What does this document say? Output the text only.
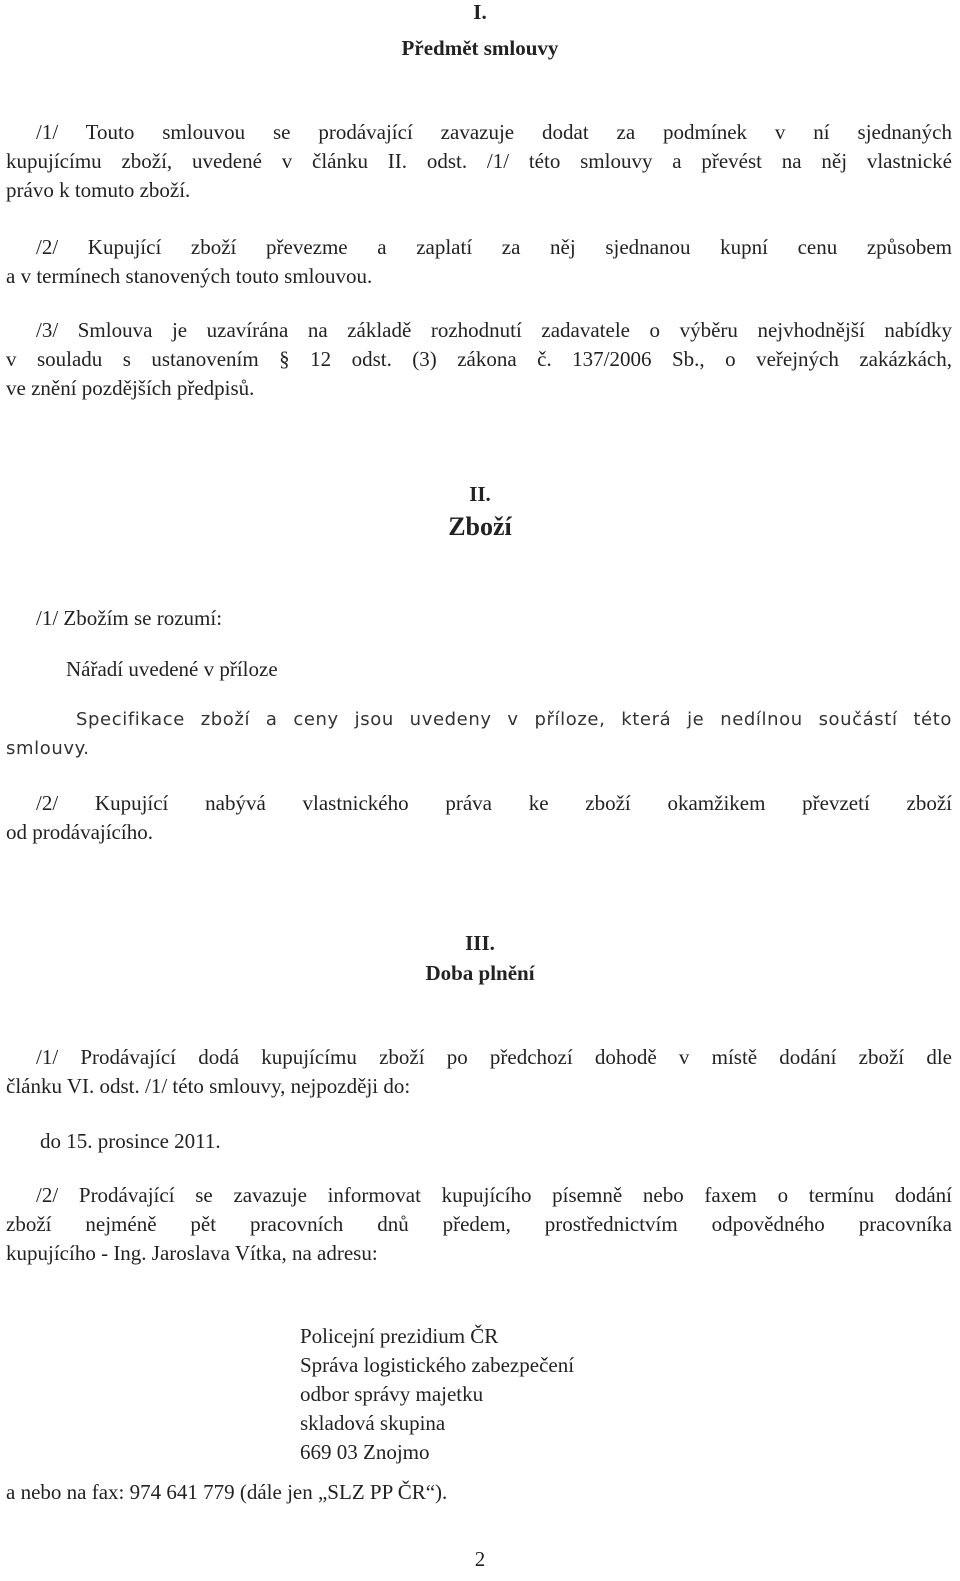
I.
Předmět smlouvy
/1/ Touto smlouvou se prodávající zavazuje dodat za podmínek v ní sjednaných
kupujícímu zboží, uvedené v článku II. odst. /1/ této smlouvy a převést na něj vlastnické
právo k tomuto zboží.
/2/ Kupující zboží převezme a zaplatí za něj sjednanou kupní cenu způsobem
a v termínech stanovených touto smlouvou.
/3/ Smlouva je uzavírána na základě rozhodnutí zadavatele o výběru nejvhodnější nabídky
v souladu s ustanovením § 12 odst. (3) zákona č. 137/2006 Sb., o veřejných zakázkách,
ve znění pozdějších předpisů.
II.
Zboží
/1/ Zbožím se rozumí:
Nářadí uvedené v příloze
Specifikace zboží a ceny jsou uvedeny v příloze, která je nedílnou součástí této
smlouvy.
/2/ Kupující nabývá vlastnického práva ke zboží okamžikem převzetí zboží
od prodávajícího.
III.
Doba plnění
/1/ Prodávající dodá kupujícímu zboží po předchozí dohodě v místě dodání zboží dle
článku VI. odst. /1/ této smlouvy, nejpozději do:
do 15. prosince 2011.
/2/ Prodávající se zavazuje informovat kupujícího písemně nebo faxem o termínu dodání
zboží nejméně pět pracovních dnů předem, prostřednictvím odpovědného pracovníka
kupujícího - Ing. Jaroslava Vítka, na adresu:
Policejní prezidium ČR
Správa logistického zabezpečení
odbor správy majetku
skladová skupina
669 03 Znojmo
a nebo na fax: 974 641 779 (dále jen „SLZ PP ČR“).
2
